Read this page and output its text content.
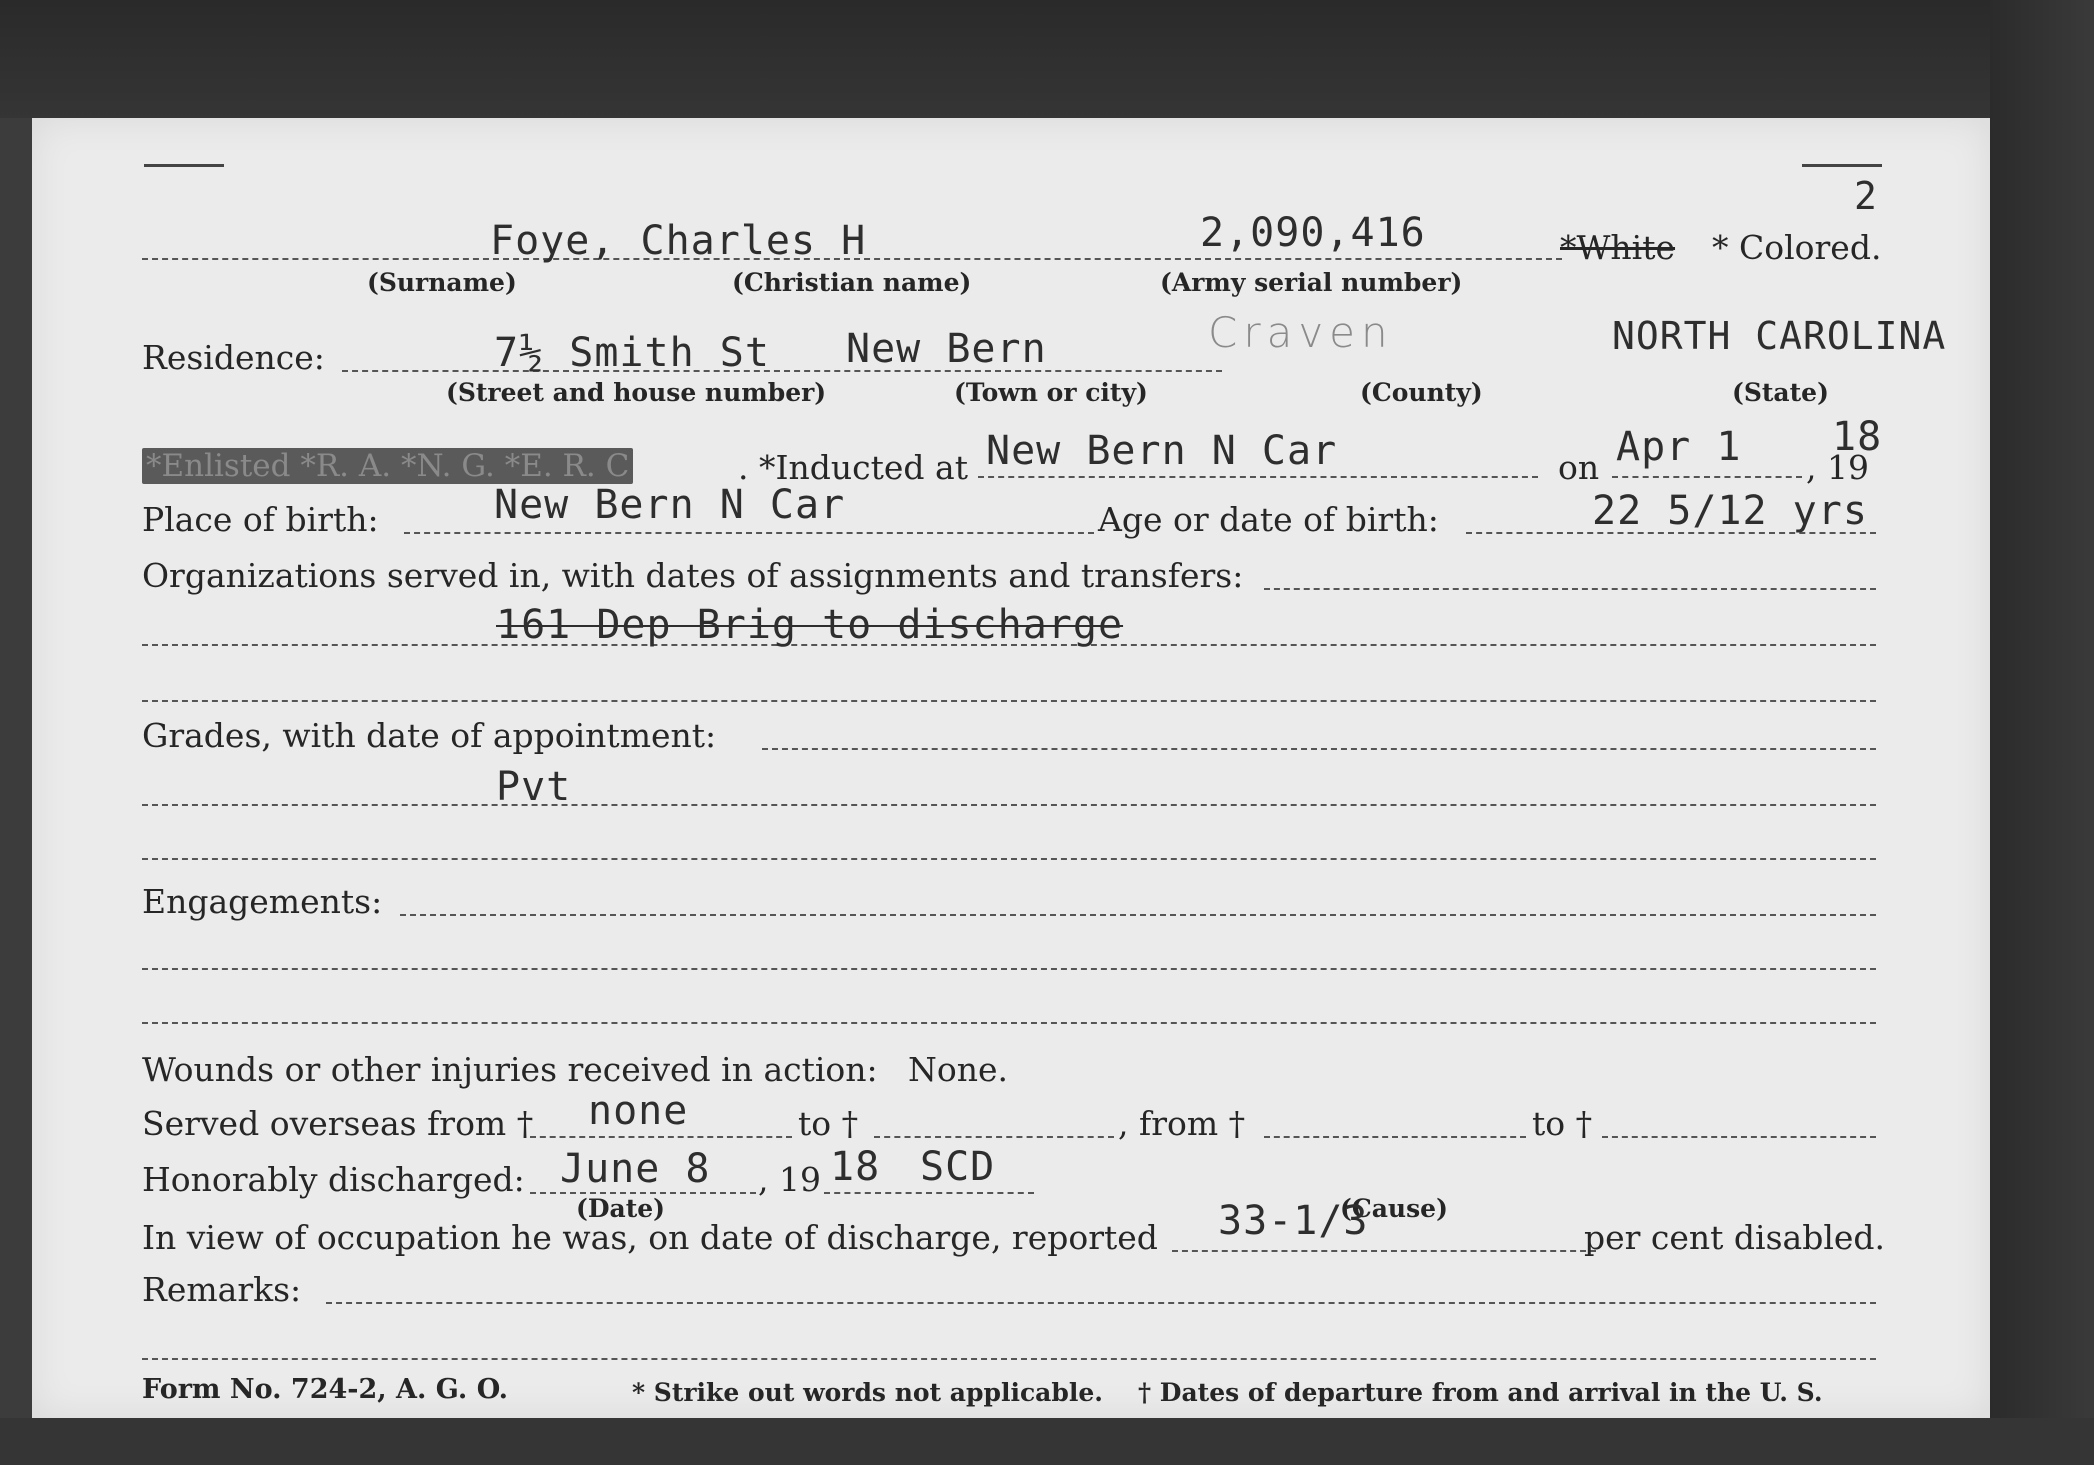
2
Foye, Charles H	2,090,416	*White * Colored.
(Surname)	(Christian name)	(Army serial number)
Residence:	7½ Smith St New Bern	Craven	NORTH CAROLINA
(Street and house number)	(Town or city)	(County)	(State)
*Enlisted *R. A. *N. G. *E. R. C	. *Inducted at New Bern N Car	on Apr 1 , 19
18
Place of birth:	New Bern N Car	Age or date of birth:	22 5/12 yrs
Organizations served in, with dates of assignments and transfers:
161 Dep Brig to discharge
Grades, with date of appointment:
Pvt
Engagements:
Wounds or other injuries received in action: None.
Served overseas from † none	to †	, from †	to †
Honorably discharged: June 8 , 19 18 SCD
(Date)	(Cause)
In view of occupation he was, on date of discharge, reported 33-1/3	per cent disabled.
Remarks:
Form No. 724-2, A. G. O.	* Strike out words not applicable. † Dates of departure from and arrival in the U. S.
